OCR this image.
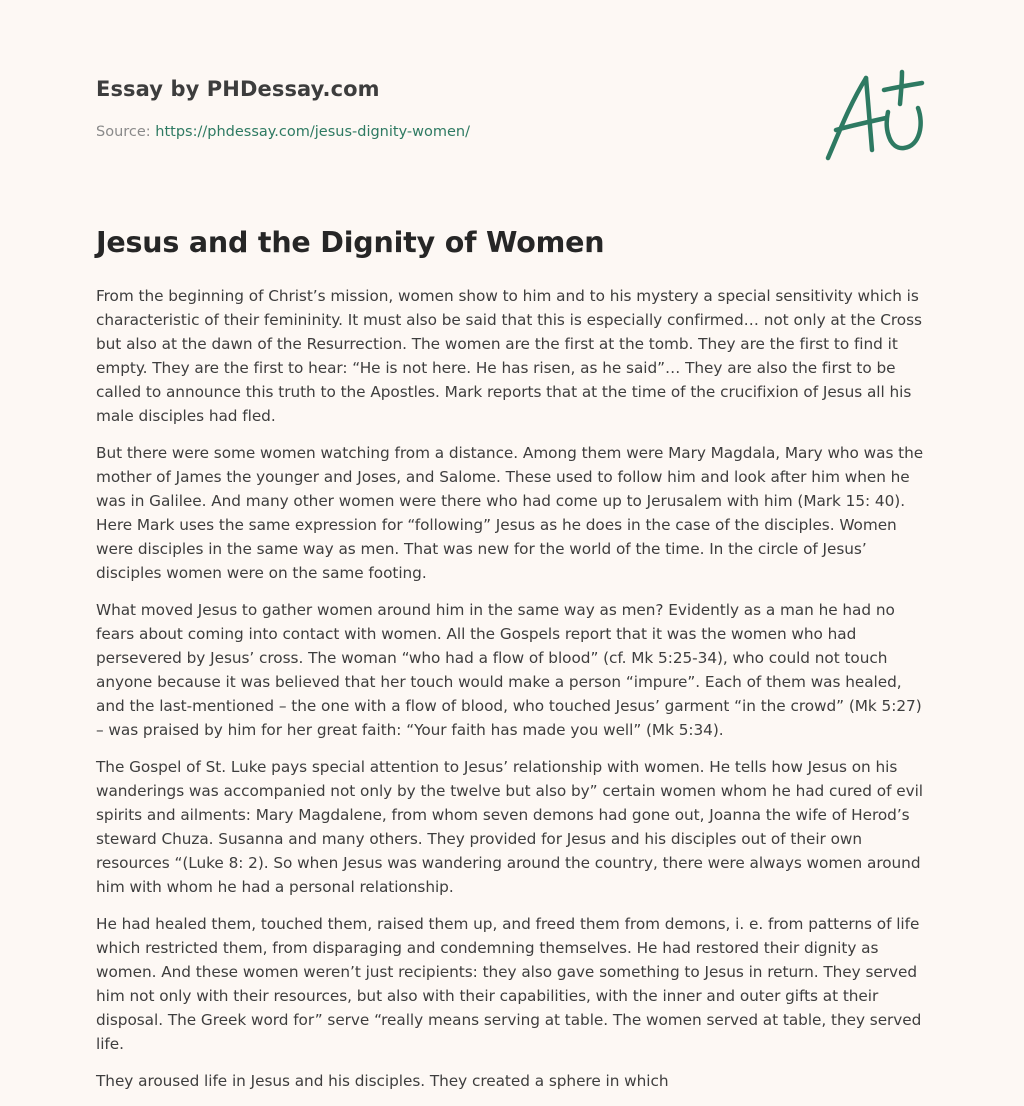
Essay by PHDessay.com
Source: https://phdessay.com/jesus-dignity-women/
Jesus and the Dignity of Women

From the beginning of Christ’s mission, women show to him and to his mystery a special sensitivity which is characteristic of their femininity. It must also be said that this is especially confirmed… not only at the Cross but also at the dawn of the Resurrection. The women are the first at the tomb. They are the first to find it empty. They are the first to hear: “He is not here. He has risen, as he said”… They are also the first to be called to announce this truth to the Apostles. Mark reports that at the time of the crucifixion of Jesus all his male disciples had fled.

But there were some women watching from a distance. Among them were Mary Magdala, Mary who was the mother of James the younger and Joses, and Salome. These used to follow him and look after him when he was in Galilee. And many other women were there who had come up to Jerusalem with him (Mark 15: 40). Here Mark uses the same expression for “following” Jesus as he does in the case of the disciples. Women were disciples in the same way as men. That was new for the world of the time. In the circle of Jesus’ disciples women were on the same footing.

What moved Jesus to gather women around him in the same way as men? Evidently as a man he had no fears about coming into contact with women. All the Gospels report that it was the women who had persevered by Jesus’ cross. The woman “who had a flow of blood” (cf. Mk 5:25-34), who could not touch anyone because it was believed that her touch would make a person “impure”. Each of them was healed, and the last-mentioned – the one with a flow of blood, who touched Jesus’ garment “in the crowd” (Mk 5:27) – was praised by him for her great faith: “Your faith has made you well” (Mk 5:34).

The Gospel of St. Luke pays special attention to Jesus’ relationship with women. He tells how Jesus on his wanderings was accompanied not only by the twelve but also by” certain women whom he had cured of evil spirits and ailments: Mary Magdalene, from whom seven demons had gone out, Joanna the wife of Herod’s steward Chuza. Susanna and many others. They provided for Jesus and his disciples out of their own resources “(Luke 8: 2). So when Jesus was wandering around the country, there were always women around him with whom he had a personal relationship.

He had healed them, touched them, raised them up, and freed them from demons, i. e. from patterns of life which restricted them, from disparaging and condemning themselves. He had restored their dignity as women. And these women weren’t just recipients: they also gave something to Jesus in return. They served him not only with their resources, but also with their capabilities, with the inner and outer gifts at their disposal. The Greek word for” serve “really means serving at table. The women served at table, they served life.

They aroused life in Jesus and his disciples. They created a sphere in which
